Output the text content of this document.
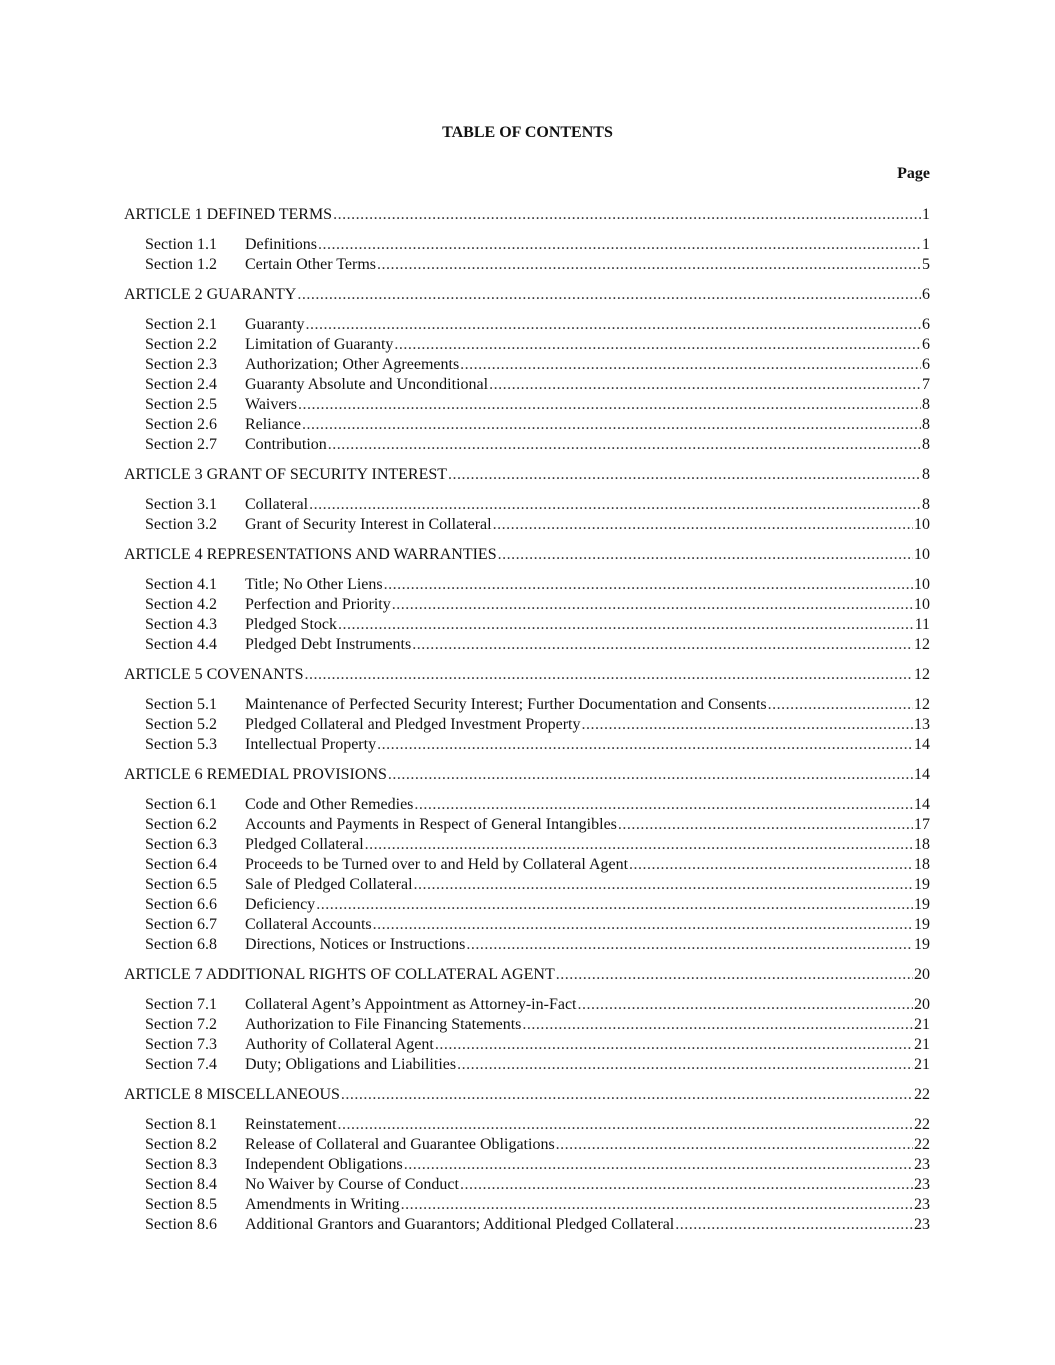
TABLE OF CONTENTS
Page
ARTICLE 1 DEFINED TERMS .....	1
Section 1.1	Definitions .....	1
Section 1.2	Certain Other Terms .....	5
ARTICLE 2 GUARANTY .....	6
Section 2.1	Guaranty .....	6
Section 2.2	Limitation of Guaranty .....	6
Section 2.3	Authorization; Other Agreements .....	6
Section 2.4	Guaranty Absolute and Unconditional .....	7
Section 2.5	Waivers .....	8
Section 2.6	Reliance .....	8
Section 2.7	Contribution .....	8
ARTICLE 3 GRANT OF SECURITY INTEREST .....	8
Section 3.1	Collateral .....	8
Section 3.2	Grant of Security Interest in Collateral .....	10
ARTICLE 4 REPRESENTATIONS AND WARRANTIES .....	10
Section 4.1	Title; No Other Liens .....	10
Section 4.2	Perfection and Priority .....	10
Section 4.3	Pledged Stock .....	11
Section 4.4	Pledged Debt Instruments .....	12
ARTICLE 5 COVENANTS .....	12
Section 5.1	Maintenance of Perfected Security Interest; Further Documentation and Consents .....	12
Section 5.2	Pledged Collateral and Pledged Investment Property .....	13
Section 5.3	Intellectual Property .....	14
ARTICLE 6 REMEDIAL PROVISIONS .....	14
Section 6.1	Code and Other Remedies .....	14
Section 6.2	Accounts and Payments in Respect of General Intangibles .....	17
Section 6.3	Pledged Collateral .....	18
Section 6.4	Proceeds to be Turned over to and Held by Collateral Agent .....	18
Section 6.5	Sale of Pledged Collateral .....	19
Section 6.6	Deficiency .....	19
Section 6.7	Collateral Accounts .....	19
Section 6.8	Directions, Notices or Instructions .....	19
ARTICLE 7 ADDITIONAL RIGHTS OF COLLATERAL AGENT .....	20
Section 7.1	Collateral Agent’s Appointment as Attorney-in-Fact .....	20
Section 7.2	Authorization to File Financing Statements .....	21
Section 7.3	Authority of Collateral Agent .....	21
Section 7.4	Duty; Obligations and Liabilities .....	21
ARTICLE 8 MISCELLANEOUS .....	22
Section 8.1	Reinstatement .....	22
Section 8.2	Release of Collateral and Guarantee Obligations .....	22
Section 8.3	Independent Obligations .....	23
Section 8.4	No Waiver by Course of Conduct .....	23
Section 8.5	Amendments in Writing .....	23
Section 8.6	Additional Grantors and Guarantors; Additional Pledged Collateral .....	23
